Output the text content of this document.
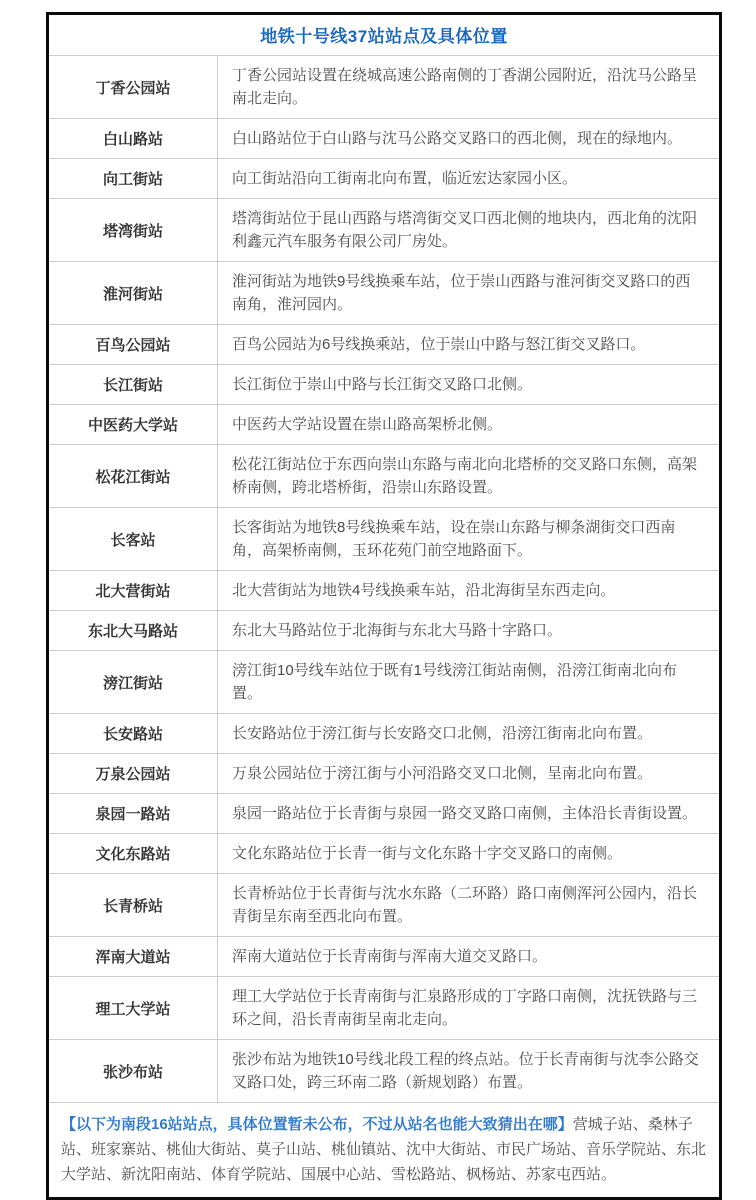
地铁十号线37站站点及具体位置	
丁香公园站	丁香公园站设置在绕城高速公路南侧的丁香湖公园附近，沿沈马公路呈南北走向。
白山路站	白山路站位于白山路与沈马公路交叉路口的西北侧，现在的绿地内。
向工街站	向工街站沿向工街南北向布置，临近宏达家园小区。
塔湾街站	塔湾街站位于昆山西路与塔湾街交叉口西北侧的地块内，西北角的沈阳利鑫元汽车服务有限公司厂房处。
淮河街站	淮河街站为地铁9号线换乘车站，位于崇山西路与淮河街交叉路口的西南角，淮河园内。
百鸟公园站	百鸟公园站为6号线换乘站，位于崇山中路与怒江街交叉路口。
长江街站	长江街位于崇山中路与长江街交叉路口北侧。
中医药大学站	中医药大学站设置在崇山路高架桥北侧。
松花江街站	松花江街站位于东西向崇山东路与南北向北塔桥的交叉路口东侧，高架桥南侧，跨北塔桥街，沿崇山东路设置。
长客站	长客街站为地铁8号线换乘车站，设在崇山东路与柳条湖街交口西南角，高架桥南侧，玉环花苑门前空地路面下。
北大营街站	北大营街站为地铁4号线换乘车站，沿北海街呈东西走向。
东北大马路站	东北大马路站位于北海街与东北大马路十字路口。
滂江街站	滂江街10号线车站位于既有1号线滂江街站南侧，沿滂江街南北向布置。
长安路站	长安路站位于滂江街与长安路交口北侧，沿滂江街南北向布置。
万泉公园站	万泉公园站位于滂江街与小河沿路交叉口北侧，呈南北向布置。
泉园一路站	泉园一路站位于长青街与泉园一路交叉路口南侧，主体沿长青街设置。
文化东路站	文化东路站位于长青一街与文化东路十字交叉路口的南侧。
长青桥站	长青桥站位于长青街与沈水东路（二环路）路口南侧浑河公园内，沿长青街呈东南至西北向布置。
浑南大道站	浑南大道站位于长青南街与浑南大道交叉路口。
理工大学站	理工大学站位于长青南街与汇泉路形成的丁字路口南侧，沈抚铁路与三环之间，沿长青南街呈南北走向。
张沙布站	张沙布站为地铁10号线北段工程的终点站。位于长青南街与沈李公路交叉路口处，跨三环南二路（新规划路）布置。
【以下为南段16站站点，具体位置暂未公布，不过从站名也能大致猜出在哪】营城子站、桑林子站、班家寨站、桃仙大街站、莫子山站、桃仙镇站、沈中大街站、市民广场站、音乐学院站、东北大学站、新沈阳南站、体育学院站、国展中心站、雪松路站、枫杨站、苏家屯西站。	
